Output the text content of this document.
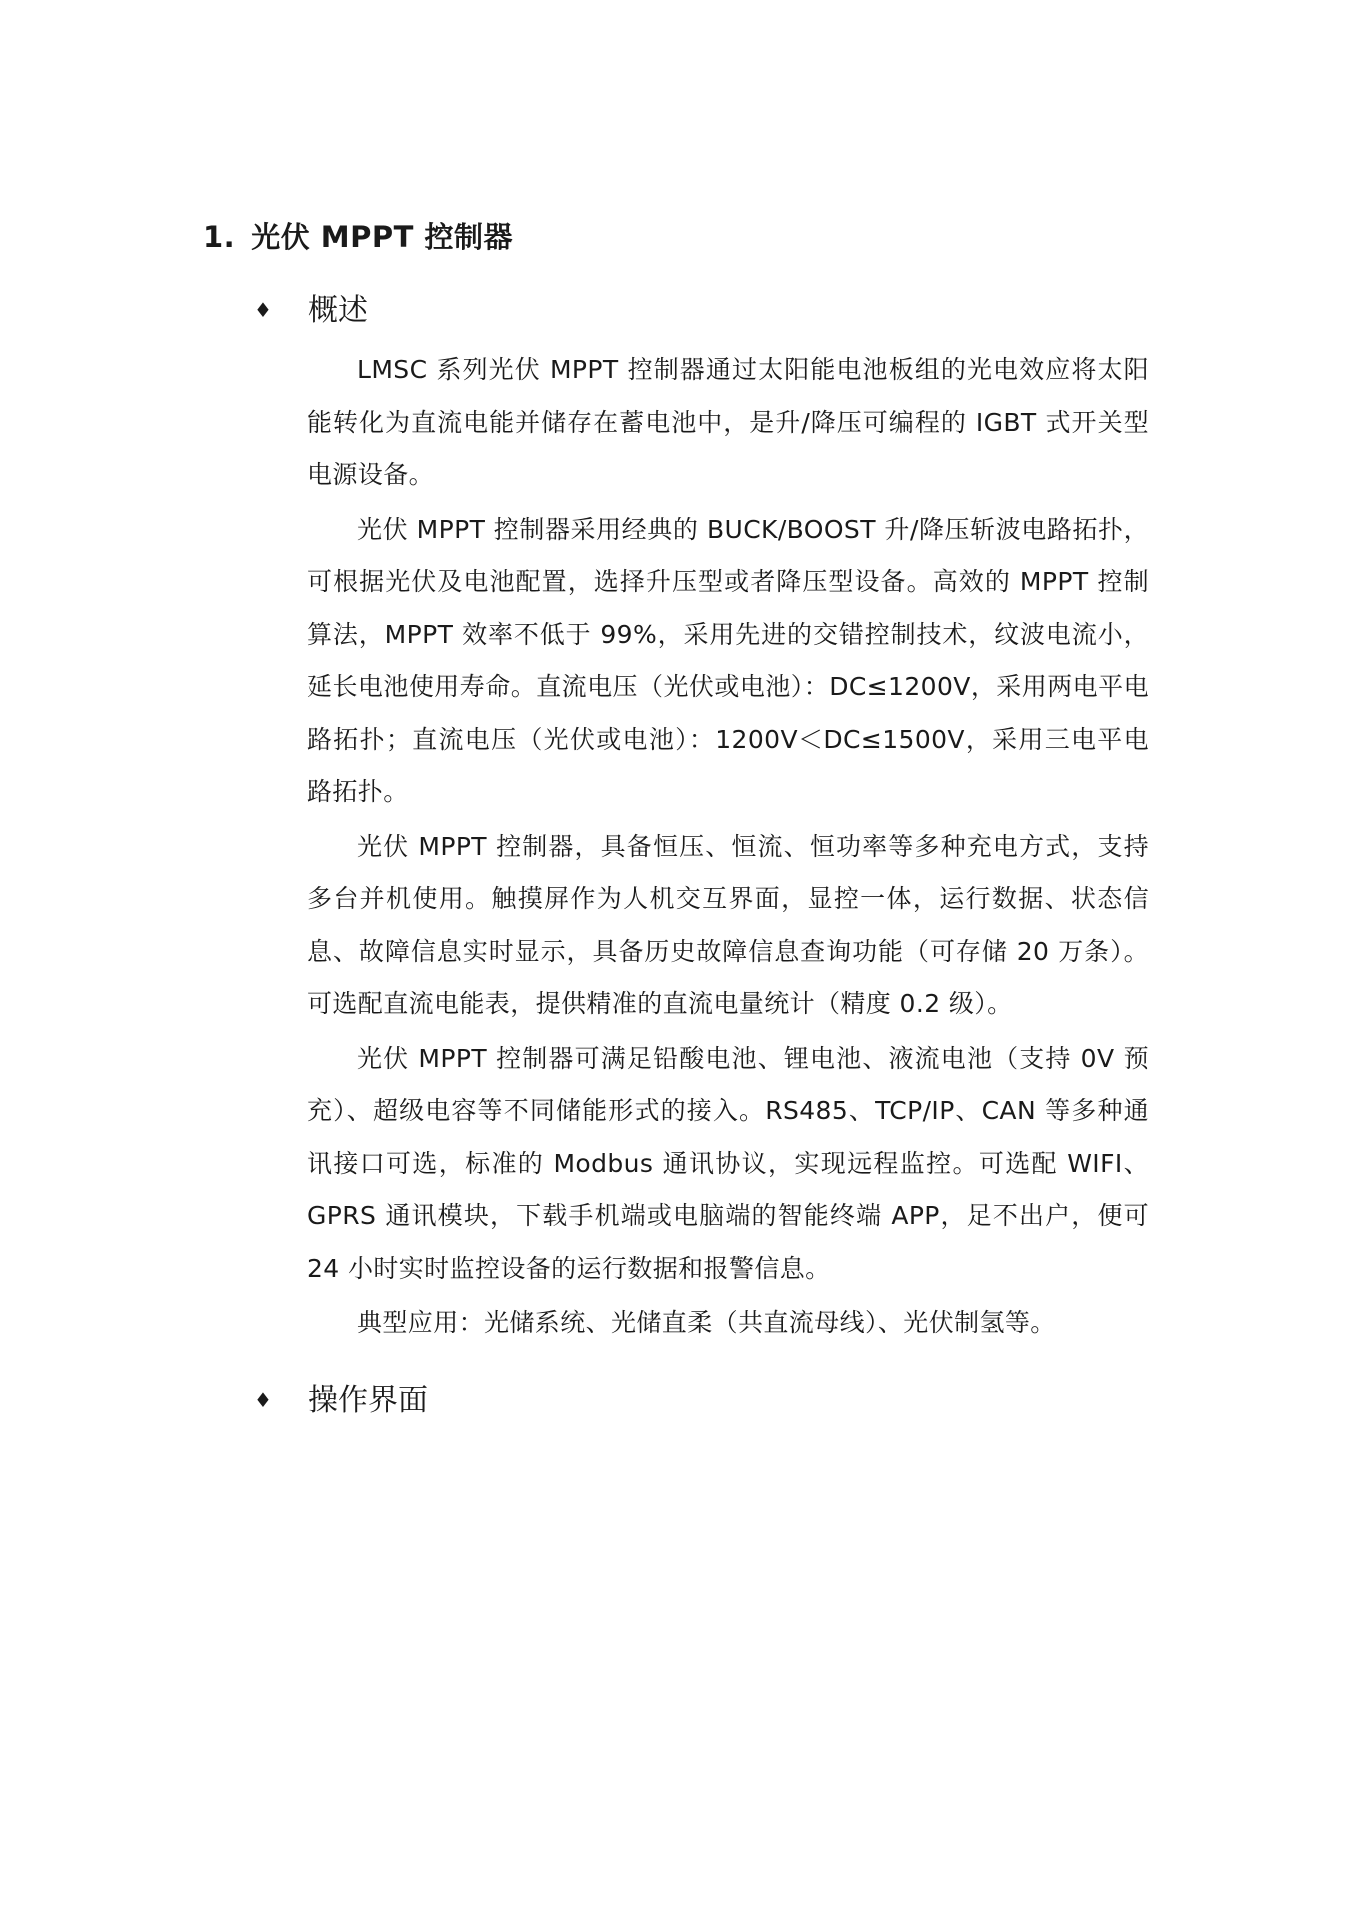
1. 光伏 MPPT 控制器
♦ 概述

LMSC 系列光伏 MPPT 控制器通过太阳能电池板组的光电效应将太阳能转化为直流电能并储存在蓄电池中，是升/降压可编程的 IGBT 式开关型电源设备。

光伏 MPPT 控制器采用经典的 BUCK/BOOST 升/降压斩波电路拓扑，可根据光伏及电池配置，选择升压型或者降压型设备。高效的 MPPT 控制算法，MPPT 效率不低于 99%，采用先进的交错控制技术，纹波电流小，延长电池使用寿命。直流电压（光伏或电池）：DC≤1200V，采用两电平电路拓扑；直流电压（光伏或电池）：1200V＜DC≤1500V，采用三电平电路拓扑。

光伏 MPPT 控制器，具备恒压、恒流、恒功率等多种充电方式，支持多台并机使用。触摸屏作为人机交互界面，显控一体，运行数据、状态信息、故障信息实时显示，具备历史故障信息查询功能（可存储 20 万条）。可选配直流电能表，提供精准的直流电量统计（精度 0.2 级）。

光伏 MPPT 控制器可满足铅酸电池、锂电池、液流电池（支持 0V 预充）、超级电容等不同储能形式的接入。RS485、TCP/IP、CAN 等多种通讯接口可选，标准的 Modbus 通讯协议，实现远程监控。可选配 WIFI、GPRS 通讯模块，下载手机端或电脑端的智能终端 APP，足不出户，便可 24 小时实时监控设备的运行数据和报警信息。

典型应用：光储系统、光储直柔（共直流母线）、光伏制氢等。

♦ 操作界面
